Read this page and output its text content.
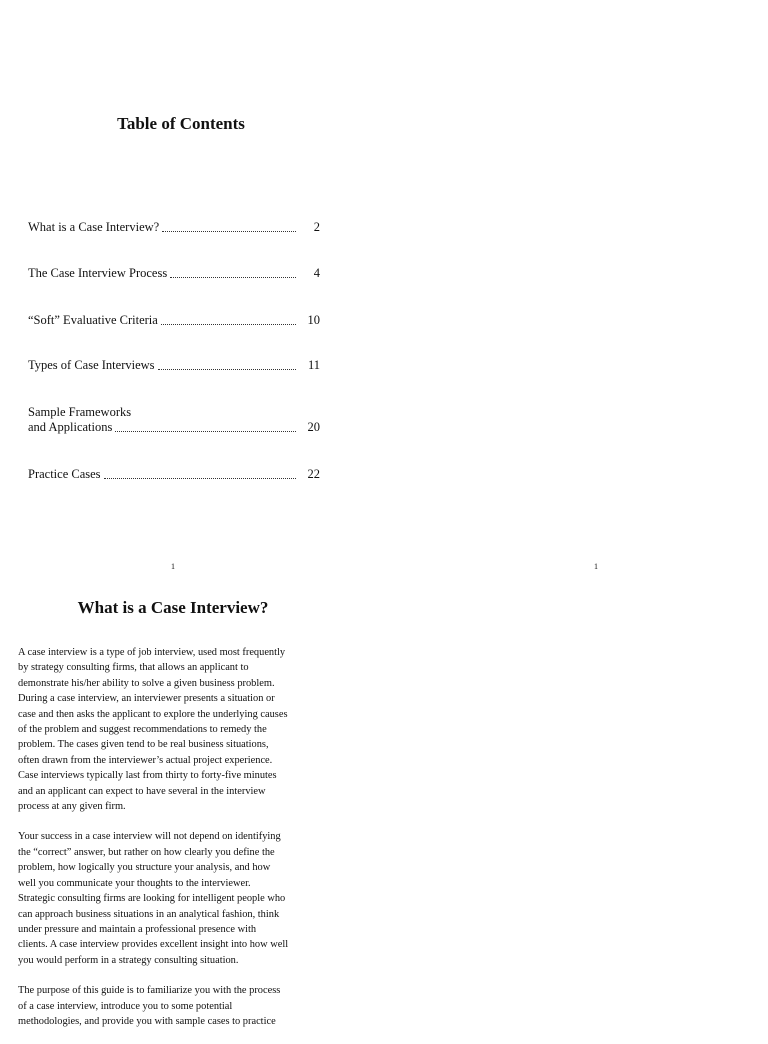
Table of Contents
What is a Case Interview?	2
The Case Interview Process	4
“Soft” Evaluative Criteria	10
Types of Case Interviews	11
Sample Frameworks
and Applications	20
Practice Cases	22
1	1
What is a Case Interview?

A case interview is a type of job interview, used most frequently
by strategy consulting firms, that allows an applicant to
demonstrate his/her ability to solve a given business problem.
During a case interview, an interviewer presents a situation or
case and then asks the applicant to explore the underlying causes
of the problem and suggest recommendations to remedy the
problem. The cases given tend to be real business situations,
often drawn from the interviewer’s actual project experience.
Case interviews typically last from thirty to forty-five minutes
and an applicant can expect to have several in the interview
process at any given firm.

Your success in a case interview will not depend on identifying
the “correct” answer, but rather on how clearly you define the
problem, how logically you structure your analysis, and how
well you communicate your thoughts to the interviewer.
Strategic consulting firms are looking for intelligent people who
can approach business situations in an analytical fashion, think
under pressure and maintain a professional presence with
clients. A case interview provides excellent insight into how well
you would perform in a strategy consulting situation.

The purpose of this guide is to familiarize you with the process
of a case interview, introduce you to some potential
methodologies, and provide you with sample cases to practice
